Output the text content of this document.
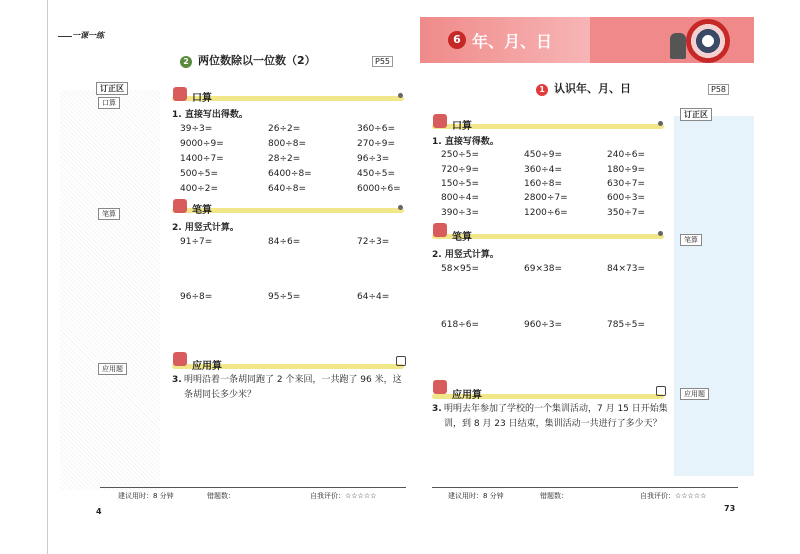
一课一练
2 两位数除以一位数（2）	P55
订正区
口算
口算
1. 直接写出得数。
39÷3=	26÷2=	360÷6=
9000÷9=	800÷8=	270÷9=
1400÷7=	28÷2=	96÷3=
500÷5=	6400÷8=	450÷5=
400÷2=	640÷8=	6000÷6=
笔算
笔算
2. 用竖式计算。
91÷7=	84÷6=	72÷3=
96÷8=	95÷5=	64÷4=
应用算
应用题
3. 明明沿着一条胡同跑了 2 个来回，一共跑了 96 米，这条胡同长多少米？
建议用时：8 分钟	错题数：	自我评价：☆☆☆☆☆
4
6 年、月、日
1 认识年、月、日	P58
订正区
笔算
应用题
口算
1. 直接写得数。
250÷5=	450÷9=	240÷6=
720÷9=	360÷4=	180÷9=
150÷5=	160÷8=	630÷7=
800÷4=	2800÷7=	600÷3=
390÷3=	1200÷6=	350÷7=
笔算
2. 用竖式计算。
58×95=	69×38=	84×73=
618÷6=	960÷3=	785÷5=
应用算
3. 明明去年参加了学校的一个集训活动，7 月 15 日开始集训，到 8 月 23 日结束，集训活动一共进行了多少天？
建议用时：8 分钟	错题数：	自我评价：☆☆☆☆☆
73
